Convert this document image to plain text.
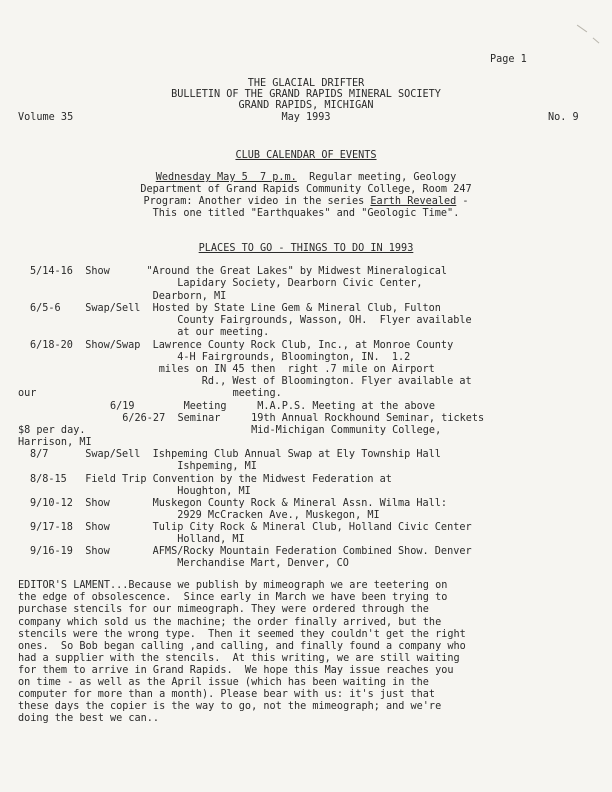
Page 1
THE GLACIAL DRIFTER
BULLETIN OF THE GRAND RAPIDS MINERAL SOCIETY
GRAND RAPIDS, MICHIGAN
Volume 35	May 1993	No. 9
CLUB CALENDAR OF EVENTS
Wednesday May 5  7 p.m.  Regular meeting, Geology
Department of Grand Rapids Community College, Room 247
Program: Another video in the series Earth Revealed -
This one titled "Earthquakes" and "Geologic Time".
PLACES TO GO - THINGS TO DO IN 1993
5/14-16  Show      "Around the Great Lakes" by Midwest Mineralogical
Lapidary Society, Dearborn Civic Center,
Dearborn, MI
6/5-6    Swap/Sell  Hosted by State Line Gem & Mineral Club, Fulton
County Fairgrounds, Wasson, OH.  Flyer available
at our meeting.
6/18-20  Show/Swap  Lawrence County Rock Club, Inc., at Monroe County
4-H Fairgrounds, Bloomington, IN.  1.2
miles on IN 45 then  right .7 mile on Airport
Rd., West of Bloomington. Flyer available at
our                                meeting.
6/19        Meeting     M.A.P.S. Meeting at the above
6/26-27  Seminar     19th Annual Rockhound Seminar, tickets
$8 per day.                           Mid-Michigan Community College,
Harrison, MI
8/7      Swap/Sell  Ishpeming Club Annual Swap at Ely Township Hall
Ishpeming, MI
8/8-15   Field Trip Convention by the Midwest Federation at
Houghton, MI
9/10-12  Show       Muskegon County Rock & Mineral Assn. Wilma Hall:
2929 McCracken Ave., Muskegon, MI
9/17-18  Show       Tulip City Rock & Mineral Club, Holland Civic Center
Holland, MI
9/16-19  Show       AFMS/Rocky Mountain Federation Combined Show. Denver
Merchandise Mart, Denver, CO
EDITOR'S LAMENT...Because we publish by mimeograph we are teetering on
the edge of obsolescence.  Since early in March we have been trying to
purchase stencils for our mimeograph. They were ordered through the
company which sold us the machine; the order finally arrived, but the
stencils were the wrong type.  Then it seemed they couldn't get the right
ones.  So Bob began calling ,and calling, and finally found a company who
had a supplier with the stencils.  At this writing, we are still waiting
for them to arrive in Grand Rapids.  We hope this May issue reaches you
on time - as well as the April issue (which has been waiting in the
computer for more than a month). Please bear with us: it's just that
these days the copier is the way to go, not the mimeograph; and we're
doing the best we can..
